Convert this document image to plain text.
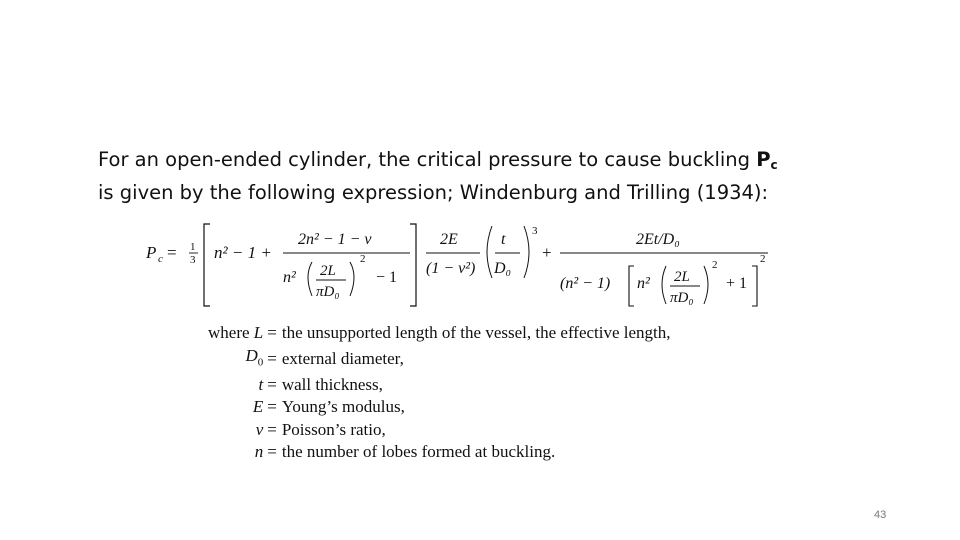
For an open-ended cylinder, the critical pressure to cause buckling $P_c$

is given by the following expression; Windenburg and Trilling (1934):

P c = 1
3 n² − 1 +
2n² − 1 − v
n² 2L
πD₀
2
− 1
2E
(1 − v²)
t
D₀
3
+
2Et/D₀
(n² − 1) n² 2L
πD₀
2
+ 1
2
where L	=	the unsupported length of the vessel, the effective length,
$D_0$	=	external diameter,
t	=	wall thickness,
E	=	Young’s modulus,
v	=	Poisson’s ratio,
n	=	the number of lobes formed at buckling.
43
